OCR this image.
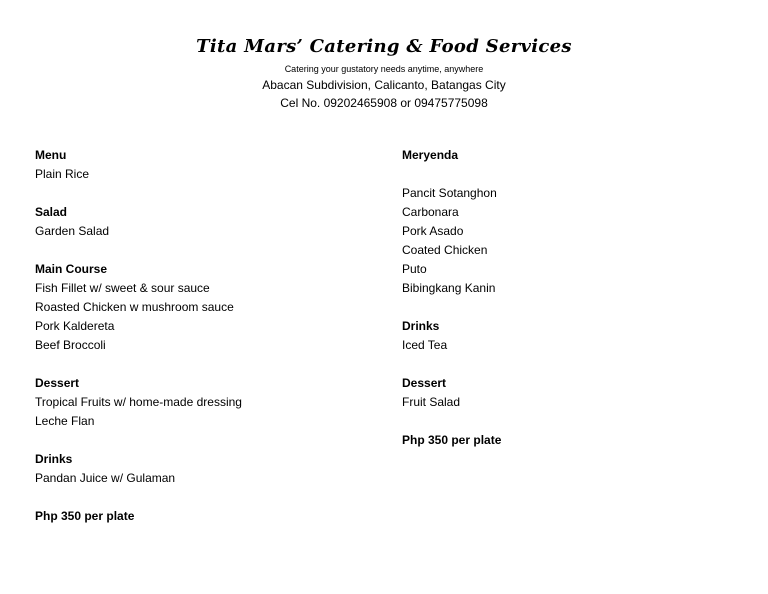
Tita Mars’ Catering & Food Services
Catering your gustatory needs anytime, anywhere
Abacan Subdivision, Calicanto, Batangas City
Cel No. 09202465908 or 09475775098
Menu
Plain Rice
Salad
Garden Salad
Main Course
Fish Fillet w/ sweet & sour sauce
Roasted Chicken w mushroom sauce
Pork Kaldereta
Beef Broccoli
Dessert
Tropical Fruits w/ home-made dressing
Leche Flan
Drinks
Pandan Juice w/ Gulaman
Php 350 per plate
Meryenda
Pancit Sotanghon
Carbonara
Pork Asado
Coated Chicken
Puto
Bibingkang Kanin
Drinks
Iced Tea
Dessert
Fruit Salad
Php 350 per plate
